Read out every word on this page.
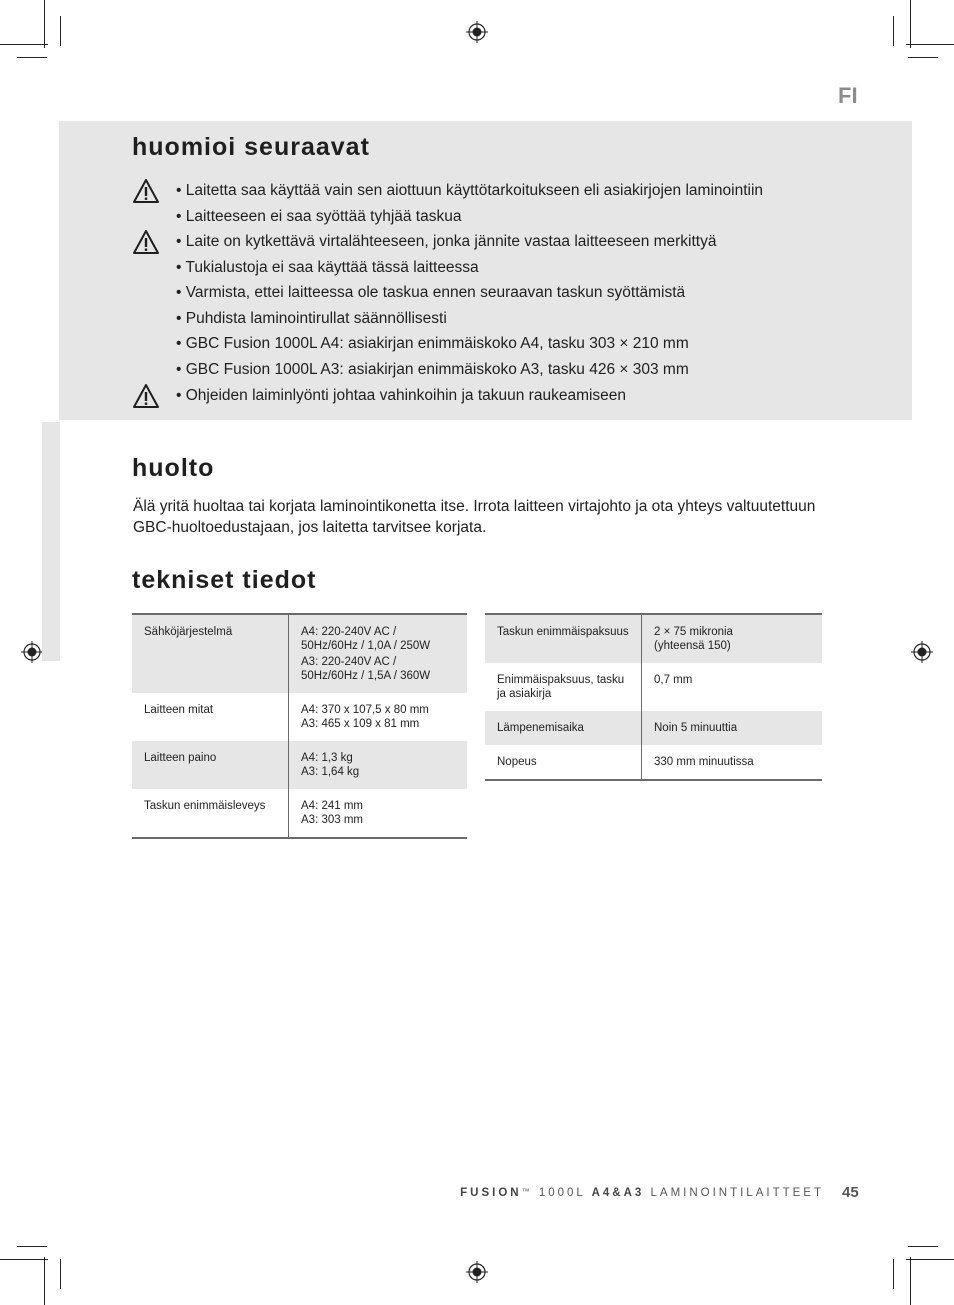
FI
huomioi seuraavat
• Laitetta saa käyttää vain sen aiottuun käyttötarkoitukseen eli asiakirjojen laminointiin
• Laitteeseen ei saa syöttää tyhjää taskua
• Laite on kytkettävä virtalähteeseen, jonka jännite vastaa laitteeseen merkittyä
• Tukialustoja ei saa käyttää tässä laitteessa
• Varmista, ettei laitteessa ole taskua ennen seuraavan taskun syöttämistä
• Puhdista laminointirullat säännöllisesti
• GBC Fusion 1000L A4: asiakirjan enimmäiskoko A4, tasku 303 × 210 mm
• GBC Fusion 1000L A3: asiakirjan enimmäiskoko A3, tasku 426 × 303 mm
• Ohjeiden laiminlyönti johtaa vahinkoihin ja takuun raukeamiseen
huolto

Älä yritä huoltaa tai korjata laminointikonetta itse. Irrota laitteen virtajohto ja ota yhteys valtuutettuun GBC-huoltoedustajaan, jos laitetta tarvitsee korjata.

tekniset tiedot
Sähköjärjestelmä	A4: 220-240V AC /
50Hz/60Hz / 1,0A / 250W
A3: 220-240V AC /
50Hz/60Hz / 1,5A / 360W

Laitteen mitat	A4: 370 x 107,5 x 80 mm
A3: 465 x 109 x 81 mm

Laitteen paino	A4: 1,3 kg
A3: 1,64 kg

Taskun enimmäisleveys	A4: 241 mm
A3: 303 mm
Taskun enimmäispaksuus	2 × 75 mikronia
(yhteensä 150)

Enimmäispaksuus, tasku ja asiakirja	0,7 mm

Lämpenemisaika	Noin 5 minuuttia

Nopeus	330 mm minuutissa
FUSION™ 1000L A4&A3 LAMINOINTILAITTEET 45
